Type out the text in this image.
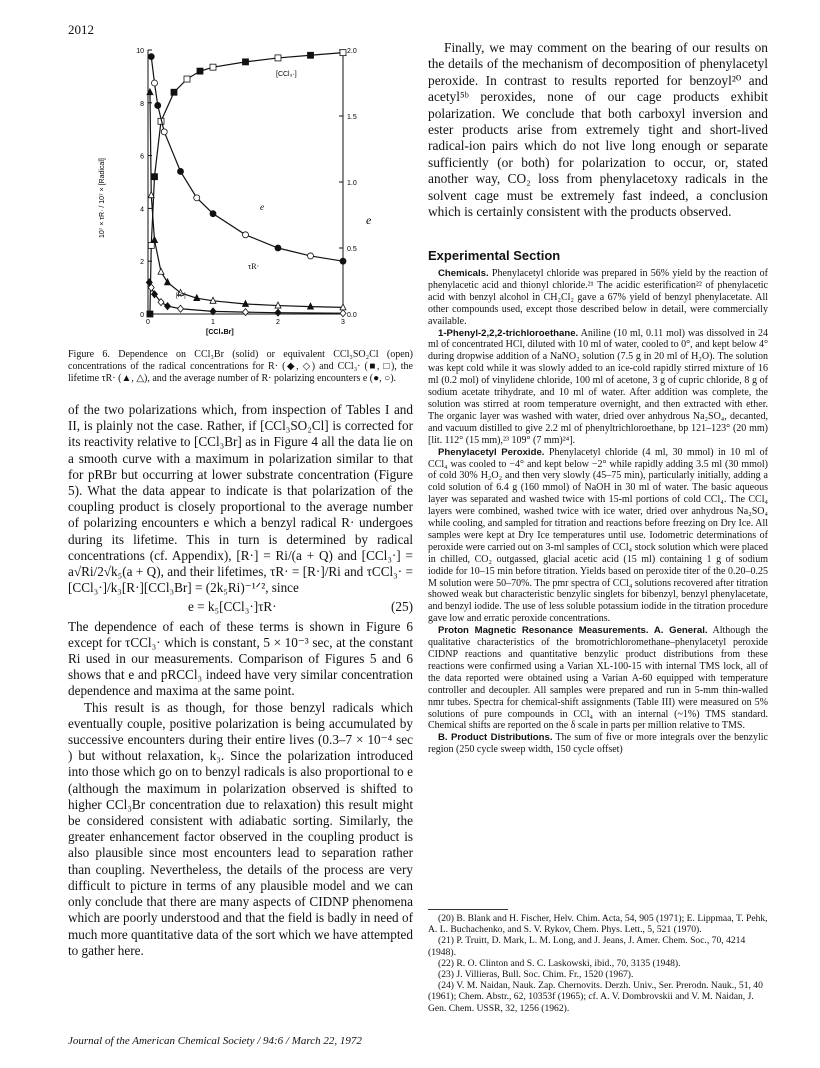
2012
0
2
4
6
8
10
0.0
0.5
1.0
1.5
2.0
0	1	2	3
[CCl₃·]
e
τR·
[R·]
[CCl₃Br]
10⁷ × τR· / 10⁷ × [Radical]	e
Figure 6. Dependence on CCl₃Br (solid) or equivalent CCl₃SO₂Cl (open) concentrations of the radical concentrations for R· (◆, ◇) and CCl₃· (■, □), the lifetime τR· (▲, △), and the average number of R· polarizing encounters e (●, ○).

of the two polarizations which, from inspection of Tables I and II, is plainly not the case. Rather, if [CCl₃SO₂Cl] is corrected for its reactivity relative to [CCl₃Br] as in Figure 4 all the data lie on a smooth curve with a maximum in polarization similar to that for pRBr but occurring at lower substrate concentration (Figure 5). What the data appear to indicate is that polarization of the coupling product is closely proportional to the average number of polarizing encounters e which a benzyl radical R· undergoes during its lifetime. This in turn is determined by radical concentrations (cf. Appendix), [R·] = Ri/(a + Q) and [CCl₃·] = a√Ri/2√k₅(a + Q), and their lifetimes, τR· = [R·]/Ri and τCCl₃· = [CCl₃·]/k₃[R·][CCl₃Br] = (2k₅Ri)⁻¹ᐟ², since

e = k₅[CCl₃·]τR·	(25)

The dependence of each of these terms is shown in Figure 6 except for τCCl₃· which is constant, 5 × 10⁻³ sec, at the constant Ri used in our measurements. Comparison of Figures 5 and 6 shows that e and pRCCl₃ indeed have very similar concentration dependence and maxima at the same point.

This result is as though, for those benzyl radicals which eventually couple, positive polarization is being accumulated by successive encounters during their entire lives (0.3–7 × 10⁻⁴ sec ) but without relaxation, k₃. Since the polarization introduced into those which go on to benzyl radicals is also proportional to e (although the maximum in polarization observed is shifted to higher CCl₃Br concentration due to relaxation) this result might be considered consistent with adiabatic sorting. Similarly, the greater enhancement factor observed in the coupling product is also plausible since most encounters lead to separation rather than coupling. Nevertheless, the details of the process are very difficult to picture in terms of any plausible model and we can only conclude that there are many aspects of CIDNP phenomena which are poorly understood and that the field is badly in need of much more quantitative data of the sort which we have attempted to gather here.

Finally, we may comment on the bearing of our results on the details of the mechanism of decomposition of phenylacetyl peroxide. In contrast to results reported for benzoyl²⁰ and acetyl⁵ᵇ peroxides, none of our cage products exhibit polarization. We conclude that both carboxyl inversion and ester products arise from extremely tight and short-lived radical-ion pairs which do not live long enough or separate sufficiently (or both) for polarization to occur, or, stated another way, CO₂ loss from phenylacetoxy radicals in the solvent cage must be extremely fast indeed, a conclusion which is certainly consistent with the products observed.

Experimental Section

Chemicals. Phenylacetyl chloride was prepared in 56% yield by the reaction of phenylacetic acid and thionyl chloride.²¹ The acidic esterification²² of phenylacetic acid with benzyl alcohol in CH₂Cl₂ gave a 67% yield of benzyl phenylacetate. All other compounds used, except those described below in detail, were commercially available.

1-Phenyl-2,2,2-trichloroethane. Aniline (10 ml, 0.11 mol) was dissolved in 24 ml of concentrated HCl, diluted with 10 ml of water, cooled to 0°, and kept below 4° during dropwise addition of a NaNO₂ solution (7.5 g in 20 ml of H₂O). The solution was kept cold while it was slowly added to an ice-cold rapidly stirred mixture of 16 ml (0.2 mol) of vinylidene chloride, 100 ml of acetone, 3 g of cupric chloride, 8 g of sodium acetate trihydrate, and 10 ml of water. After addition was complete, the solution was stirred at room temperature overnight, and then extracted with ether. The organic layer was washed with water, dried over anhydrous Na₂SO₄, decanted, and vacuum distilled to give 2.2 ml of phenyltrichloroethane, bp 121–123° (20 mm) [lit. 112° (15 mm),²³ 109° (7 mm)²⁴].

Phenylacetyl Peroxide. Phenylacetyl chloride (4 ml, 30 mmol) in 10 ml of CCl₄ was cooled to −4° and kept below −2° while rapidly adding 3.5 ml (30 mmol) of cold 30% H₂O₂ and then very slowly (45–75 min), particularly initially, adding a cold solution of 6.4 g (160 mmol) of NaOH in 30 ml of water. The basic aqueous layer was separated and washed twice with 15-ml portions of cold CCl₄. The CCl₄ layers were combined, washed twice with ice water, dried over anhydrous Na₂SO₄ while cooling, and sampled for titration and reactions before freezing on Dry Ice. All samples were kept at Dry Ice temperatures until use. Iodometric determinations of peroxide were carried out on 3-ml samples of CCl₄ stock solution which were placed in chilled, CO₂ outgassed, glacial acetic acid (15 ml) containing 1 g of sodium iodide for 10–15 min before titration. Yields based on peroxide titer of the 0.20–0.25 M solution were 50–70%. The pmr spectra of CCl₄ solutions recovered after titration showed weak but characteristic benzylic singlets for bibenzyl, benzyl phenylacetate, and benzyl iodide. The use of less soluble potassium iodide in the titration procedure gave low and erratic peroxide concentrations.

Proton Magnetic Resonance Measurements. A. General. Although the qualitative characteristics of the bromotrichloromethane–phenylacetyl peroxide CIDNP reactions and quantitative benzylic product distributions from these reactions were confirmed using a Varian XL-100-15 with internal TMS lock, all of the data reported were obtained using a Varian A-60 equipped with temperature controller and decoupler. All samples were prepared and run in 5-mm thin-walled nmr tubes. Spectra for chemical-shift assignments (Table III) were measured on 5% solutions of pure compounds in CCl₄ with an internal (~1%) TMS standard. Chemical shifts are reported on the δ scale in parts per million relative to TMS.

B. Product Distributions. The sum of five or more integrals over the benzylic region (250 cycle sweep width, 150 cycle offset)

(20) B. Blank and H. Fischer, Helv. Chim. Acta, 54, 905 (1971); E. Lippmaa, T. Pehk, A. L. Buchachenko, and S. V. Rykov, Chem. Phys. Lett., 5, 521 (1970).
(21) P. Truitt, D. Mark, L. M. Long, and J. Jeans, J. Amer. Chem. Soc., 70, 4214 (1948).
(22) R. O. Clinton and S. C. Laskowski, ibid., 70, 3135 (1948).
(23) J. Villieras, Bull. Soc. Chim. Fr., 1520 (1967).
(24) V. M. Naidan, Nauk. Zap. Chernovits. Derzh. Univ., Ser. Prerodn. Nauk., 51, 40 (1961); Chem. Abstr., 62, 10353f (1965); cf. A. V. Dombrovskii and V. M. Naidan, J. Gen. Chem. USSR, 32, 1256 (1962).
Journal of the American Chemical Society / 94:6 / March 22, 1972
